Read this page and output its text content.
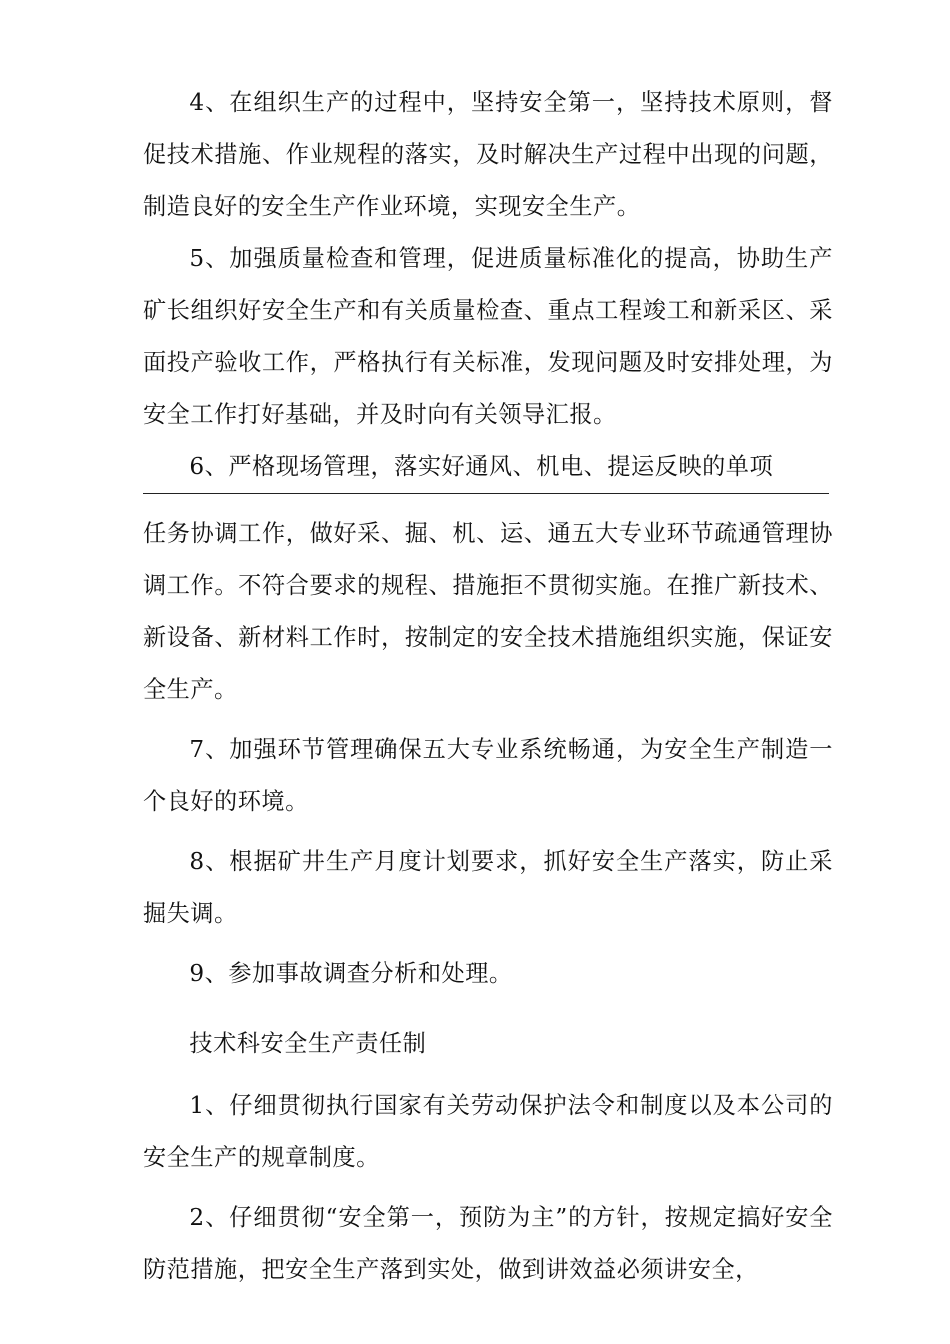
4、在组织生产的过程中，坚持安全第一，坚持技术原则，督促技术措施、作业规程的落实，及时解决生产过程中出现的问题，制造良好的安全生产作业环境，实现安全生产。

5、加强质量检查和管理，促进质量标准化的提高，协助生产矿长组织好安全生产和有关质量检查、重点工程竣工和新采区、采面投产验收工作，严格执行有关标准，发现问题及时安排处理，为安全工作打好基础，并及时向有关领导汇报。

6、严格现场管理，落实好通风、机电、提运反映的单项

任务协调工作，做好采、掘、机、运、通五大专业环节疏通管理协调工作。不符合要求的规程、措施拒不贯彻实施。在推广新技术、新设备、新材料工作时，按制定的安全技术措施组织实施，保证安全生产。

7、加强环节管理确保五大专业系统畅通，为安全生产制造一个良好的环境。

8、根据矿井生产月度计划要求，抓好安全生产落实，防止采掘失调。

9、参加事故调查分析和处理。

技术科安全生产责任制

1、仔细贯彻执行国家有关劳动保护法令和制度以及本公司的安全生产的规章制度。

2、仔细贯彻“安全第一，预防为主”的方针，按规定搞好安全防范措施，把安全生产落到实处，做到讲效益必须讲安全，
